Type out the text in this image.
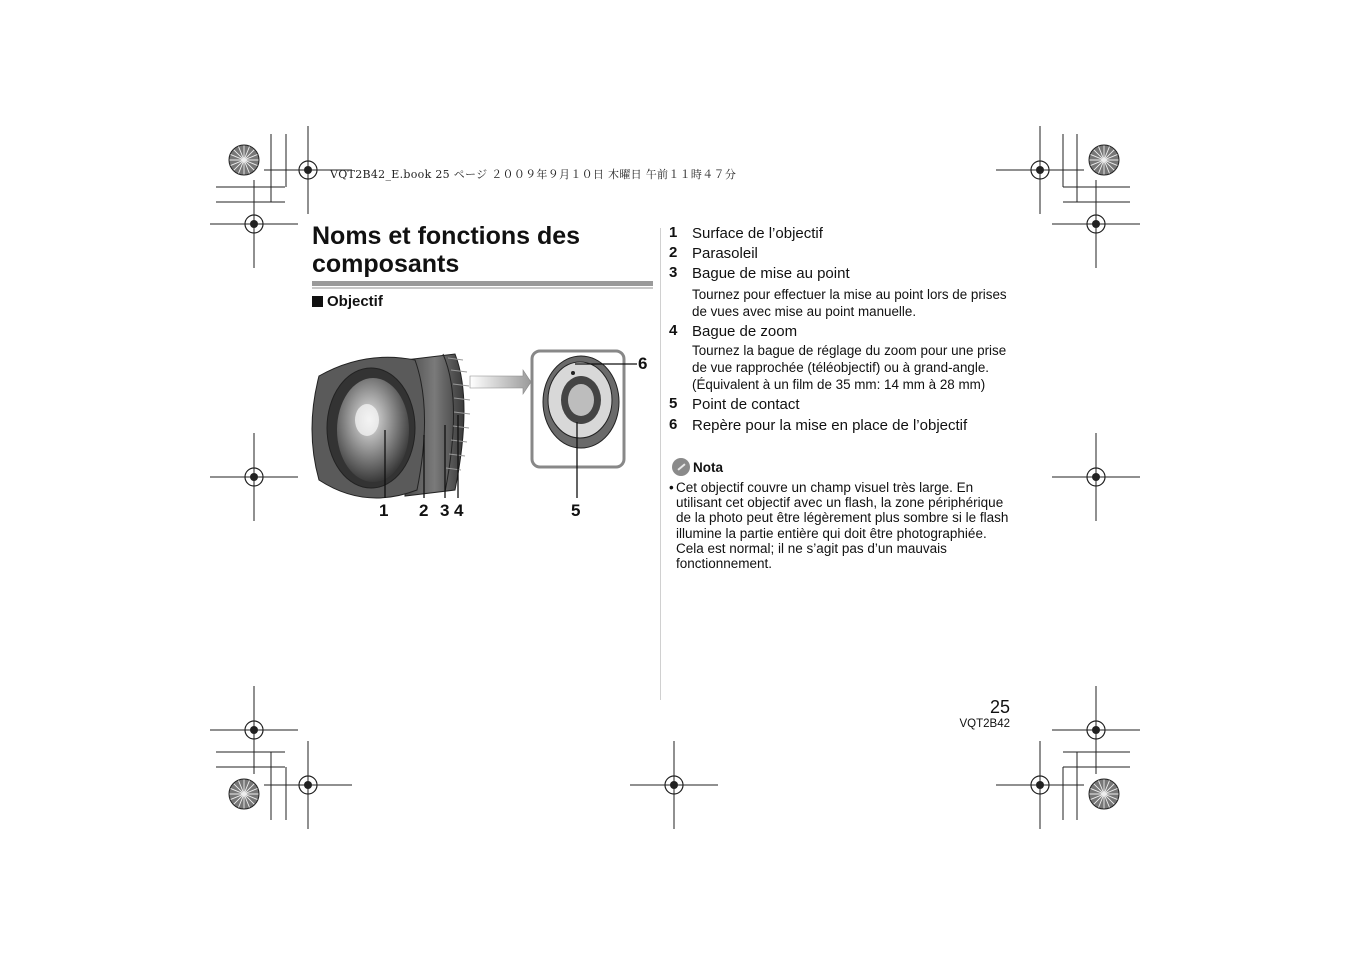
VQT2B42_E.book 25 ページ ２００９年９月１０日 木曜日 午前１１時４７分
Noms et fonctions des composants
Objectif
1 2 3 4	5
6
1 Surface de l’objectif
2 Parasoleil
3 Bague de mise au point
Tournez pour effectuer la mise au point lors de prises de vues avec mise au point manuelle.
4 Bague de zoom
Tournez la bague de réglage du zoom pour une prise de vue rapprochée (téléobjectif) ou à grand-angle. (Équivalent à un film de 35 mm: 14 mm à 28 mm)
5 Point de contact
6 Repère pour la mise en place de l’objectif
Nota
• Cet objectif couvre un champ visuel très large. En utilisant cet objectif avec un flash, la zone périphérique de la photo peut être légèrement plus sombre si le flash illumine la partie entière qui doit être photographiée. Cela est normal; il ne s’agit pas d’un mauvais fonctionnement.
25
VQT2B42
